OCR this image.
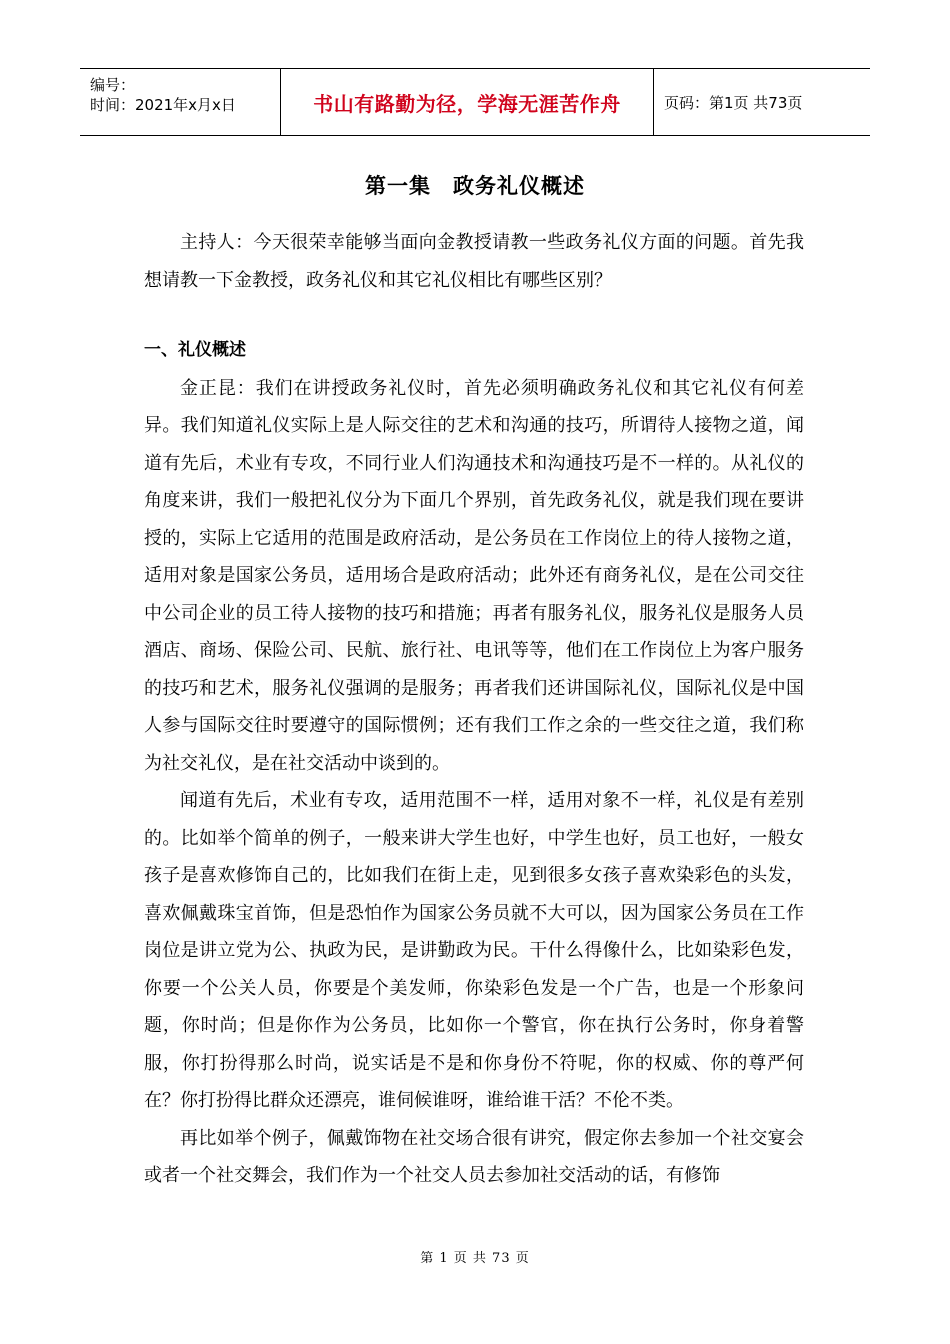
编号：
时间：2021年x月x日	书山有路勤为径，学海无涯苦作舟	页码：第1页 共73页
第一集　政务礼仪概述

主持人：今天很荣幸能够当面向金教授请教一些政务礼仪方面的问题。首先我想请教一下金教授，政务礼仪和其它礼仪相比有哪些区别？

一、礼仪概述

金正昆：我们在讲授政务礼仪时，首先必须明确政务礼仪和其它礼仪有何差异。我们知道礼仪实际上是人际交往的艺术和沟通的技巧，所谓待人接物之道，闻道有先后，术业有专攻，不同行业人们沟通技术和沟通技巧是不一样的。从礼仪的角度来讲，我们一般把礼仪分为下面几个界别，首先政务礼仪，就是我们现在要讲授的，实际上它适用的范围是政府活动，是公务员在工作岗位上的待人接物之道，适用对象是国家公务员，适用场合是政府活动；此外还有商务礼仪，是在公司交往中公司企业的员工待人接物的技巧和措施；再者有服务礼仪，服务礼仪是服务人员酒店、商场、保险公司、民航、旅行社、电讯等等，他们在工作岗位上为客户服务的技巧和艺术，服务礼仪强调的是服务；再者我们还讲国际礼仪，国际礼仪是中国人参与国际交往时要遵守的国际惯例；还有我们工作之余的一些交往之道，我们称为社交礼仪，是在社交活动中谈到的。

闻道有先后，术业有专攻，适用范围不一样，适用对象不一样，礼仪是有差别的。比如举个简单的例子，一般来讲大学生也好，中学生也好，员工也好，一般女孩子是喜欢修饰自己的，比如我们在街上走，见到很多女孩子喜欢染彩色的头发，喜欢佩戴珠宝首饰，但是恐怕作为国家公务员就不大可以，因为国家公务员在工作岗位是讲立党为公、执政为民，是讲勤政为民。干什么得像什么，比如染彩色发，你要一个公关人员，你要是个美发师，你染彩色发是一个广告，也是一个形象问题，你时尚；但是你作为公务员，比如你一个警官，你在执行公务时，你身着警服，你打扮得那么时尚，说实话是不是和你身份不符呢，你的权威、你的尊严何在？你打扮得比群众还漂亮，谁伺候谁呀，谁给谁干活？不伦不类。

再比如举个例子，佩戴饰物在社交场合很有讲究，假定你去参加一个社交宴会或者一个社交舞会，我们作为一个社交人员去参加社交活动的话，有修饰

第 1 页 共 73 页
